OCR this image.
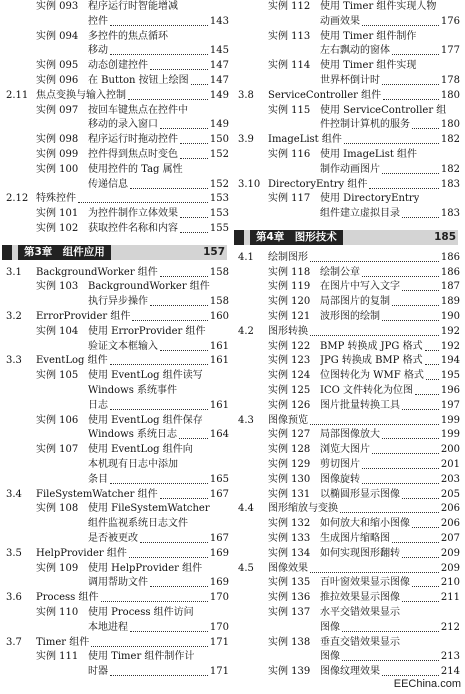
实例 093 程序运行时智能增减
控件	143
实例 094 多控件的焦点循环
移动	145
实例 095 动态创建控件	147
实例 096 在 Button 按钮上绘图 147
2.11 焦点变换与输入控制	149
实例 097 按回车键焦点在控件中
移动的录入窗口	149
实例 098 程序运行时拖动控件	150
实例 099 控件得到焦点时变色	152
实例 100 使用控件的 Tag 属性
传递信息	152
2.12 特殊控件	153
实例 101 为控件制作立体效果	153
实例 102 获取控件名称和内容	155
第3章　组件应用	157
3.1 BackgroundWorker 组件	158
实例 103 BackgroundWorker 组件
执行异步操作	158
3.2 ErrorProvider 组件	160
实例 104 使用 ErrorProvider 组件
验证文本框输入	161
3.3 EventLog 组件	161
实例 105 使用 EventLog 组件读写
Windows 系统事件
日志	161
实例 106 使用 EventLog 组件保存
Windows 系统日志	164
实例 107 使用 EventLog 组件向
本机现有日志中添加
条目	165
3.4 FileSystemWatcher 组件	167
实例 108 使用 FileSystemWatcher
组件监视系统日志文件
是否被更改	167
3.5 HelpProvider 组件	169
实例 109 使用 HelpProvider 组件
调用帮助文件	169
3.6 Process 组件	170
实例 110 使用 Process 组件访问
本地进程	170
3.7 Timer 组件	171
实例 111 使用 Timer 组件制作计
时器	171
实例 112 使用 Timer 组件实现人物
动画效果	176
实例 113 使用 Timer 组件制作
左右飘动的窗体	177
实例 114 使用 Timer 组件实现
世界杯倒计时	178
3.8 ServiceController 组件	180
实例 115 使用 ServiceController 组
件控制计算机的服务	180
3.9 ImageList 组件	182
实例 116 使用 ImageList 组件
制作动画图片	182
3.10 DirectoryEntry 组件	183
实例 117 使用 DirectoryEntry
组件建立虚拟目录	183
第4章　图形技术	185
4.1 绘制图形	186
实例 118 绘制公章	186
实例 119 在图片中写入文字	187
实例 120 局部图片的复制	189
实例 121 波形图的绘制	190
4.2 图形转换	192
实例 122 BMP 转换成 JPG 格式 192
实例 123 JPG 转换成 BMP 格式 194
实例 124 位图转化为 WMF 格式 195
实例 125 ICO 文件转化为位图	196
实例 126 图片批量转换工具	197
4.3 图像预览	199
实例 127 局部图像放大	199
实例 128 浏览大图片	200
实例 129 剪切图片	201
实例 130 图像旋转	203
实例 131 以椭圆形显示图像	205
4.4 图形缩放与变换	206
实例 132 如何放大和缩小图像	206
实例 133 生成图片缩略图	207
实例 134 如何实现图形翻转	209
4.5 图像效果	209
实例 135 百叶窗效果显示图像	210
实例 136 推拉效果显示图像	211
实例 137 水平交错效果显示
图像	212
实例 138 垂直交错效果显示
图像	213
实例 139 图像纹理效果	214
EEChina.com
